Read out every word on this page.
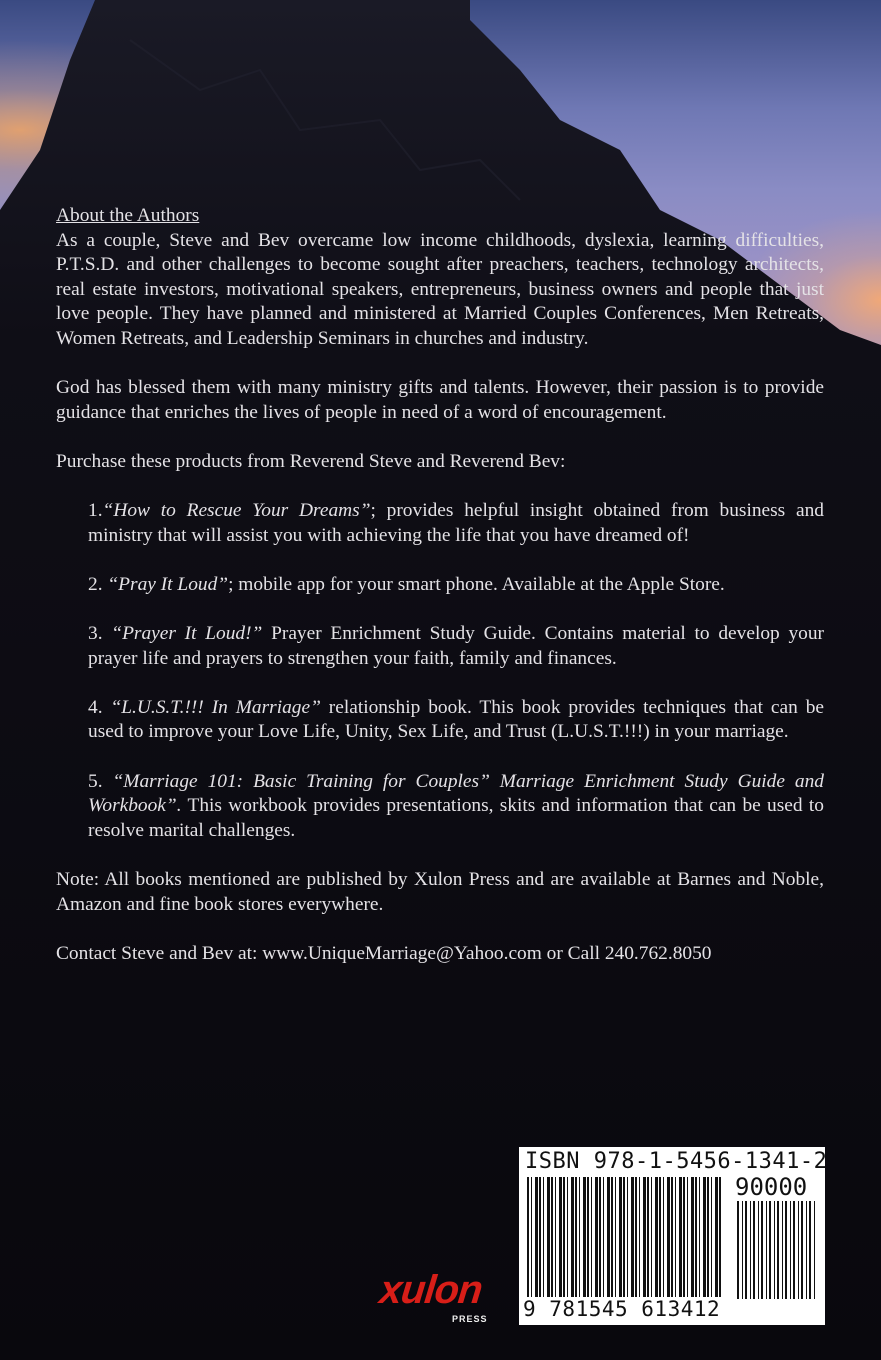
About the Authors

As a couple, Steve and Bev overcame low income childhoods, dyslexia, learning difficulties, P.T.S.D. and other challenges to become sought after preachers, teachers, technology architects, real estate investors, motivational speakers, entrepreneurs, business owners and people that just love people. They have planned and ministered at Married Couples Conferences, Men Retreats, Women Retreats, and Leadership Seminars in churches and industry.

God has blessed them with many ministry gifts and talents. However, their passion is to provide guidance that enriches the lives of people in need of a word of encouragement.

Purchase these products from Reverend Steve and Reverend Bev:

1.“How to Rescue Your Dreams”; provides helpful insight obtained from business and ministry that will assist you with achieving the life that you have dreamed of!

2. “Pray It Loud”; mobile app for your smart phone. Available at the Apple Store.

3. “Prayer It Loud!” Prayer Enrichment Study Guide. Contains material to develop your prayer life and prayers to strengthen your faith, family and finances.

4. “L.U.S.T.!!! In Marriage” relationship book. This book provides techniques that can be used to improve your Love Life, Unity, Sex Life, and Trust (L.U.S.T.!!!) in your marriage.

5. “Marriage 101: Basic Training for Couples” Marriage Enrichment Study Guide and Workbook”. This workbook provides presentations, skits and information that can be used to resolve marital challenges.

Note: All books mentioned are published by Xulon Press and are available at Barnes and Noble, Amazon and fine book stores everywhere.

Contact Steve and Bev at: www.UniqueMarriage@Yahoo.com or Call 240.762.8050

xulon
PRESS
ISBN 978-1-5456-1341-2
90000
9 781545 613412
